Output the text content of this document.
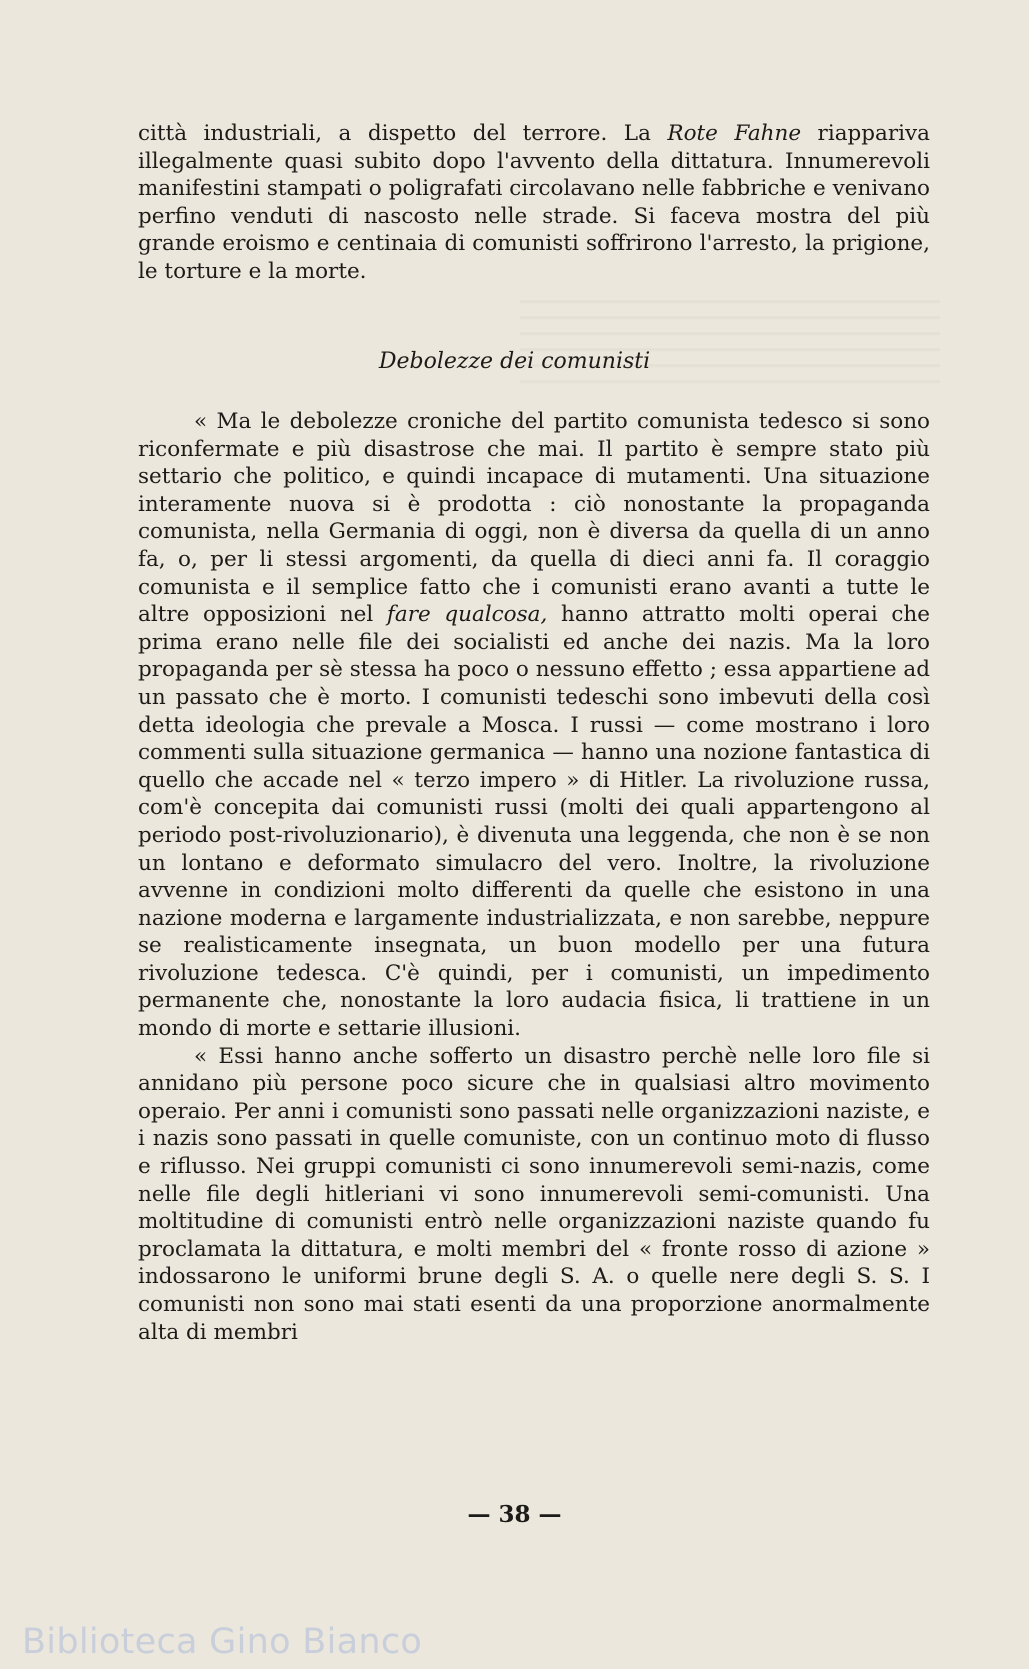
città industriali, a dispetto del terrore. La Rote Fahne riappariva illegalmente quasi subito dopo l'avvento della dittatura. Innumerevoli manifestini stampati o poligrafati circolavano nelle fabbriche e venivano perfino venduti di nascosto nelle strade. Si faceva mostra del più grande eroismo e centinaia di comunisti soffrirono l'arresto, la prigione, le torture e la morte.

Debolezze dei comunisti

« Ma le debolezze croniche del partito comunista tedesco si sono riconfermate e più disastrose che mai. Il partito è sempre stato più settario che politico, e quindi incapace di mutamenti. Una situazione interamente nuova si è prodotta : ciò nonostante la propaganda comunista, nella Germania di oggi, non è diversa da quella di un anno fa, o, per li stessi argomenti, da quella di dieci anni fa. Il coraggio comunista e il semplice fatto che i comunisti erano avanti a tutte le altre opposizioni nel fare qualcosa, hanno attratto molti operai che prima erano nelle file dei socialisti ed anche dei nazis. Ma la loro propaganda per sè stessa ha poco o nessuno effetto ; essa appartiene ad un passato che è morto. I comunisti tedeschi sono imbevuti della così detta ideologia che prevale a Mosca. I russi — come mostrano i loro commenti sulla situazione germanica — hanno una nozione fantastica di quello che accade nel « terzo impero » di Hitler. La rivoluzione russa, com'è concepita dai comunisti russi (molti dei quali appartengono al periodo post-rivoluzionario), è divenuta una leggenda, che non è se non un lontano e deformato simulacro del vero. Inoltre, la rivoluzione avvenne in condizioni molto differenti da quelle che esistono in una nazione moderna e largamente industrializzata, e non sarebbe, neppure se realisticamente insegnata, un buon modello per una futura rivoluzione tedesca. C'è quindi, per i comunisti, un impedimento permanente che, nonostante la loro audacia fisica, li trattiene in un mondo di morte e settarie illusioni.

« Essi hanno anche sofferto un disastro perchè nelle loro file si annidano più persone poco sicure che in qualsiasi altro movimento operaio. Per anni i comunisti sono passati nelle organizzazioni naziste, e i nazis sono passati in quelle comuniste, con un continuo moto di flusso e riflusso. Nei gruppi comunisti ci sono innumerevoli semi-nazis, come nelle file degli hitleriani vi sono innumerevoli semi-comunisti. Una moltitudine di comunisti entrò nelle organizzazioni naziste quando fu proclamata la dittatura, e molti membri del « fronte rosso di azione » indossarono le uniformi brune degli S. A. o quelle nere degli S. S. I comunisti non sono mai stati esenti da una proporzione anormalmente alta di membri

— 38 —
Biblioteca Gino Bianco
